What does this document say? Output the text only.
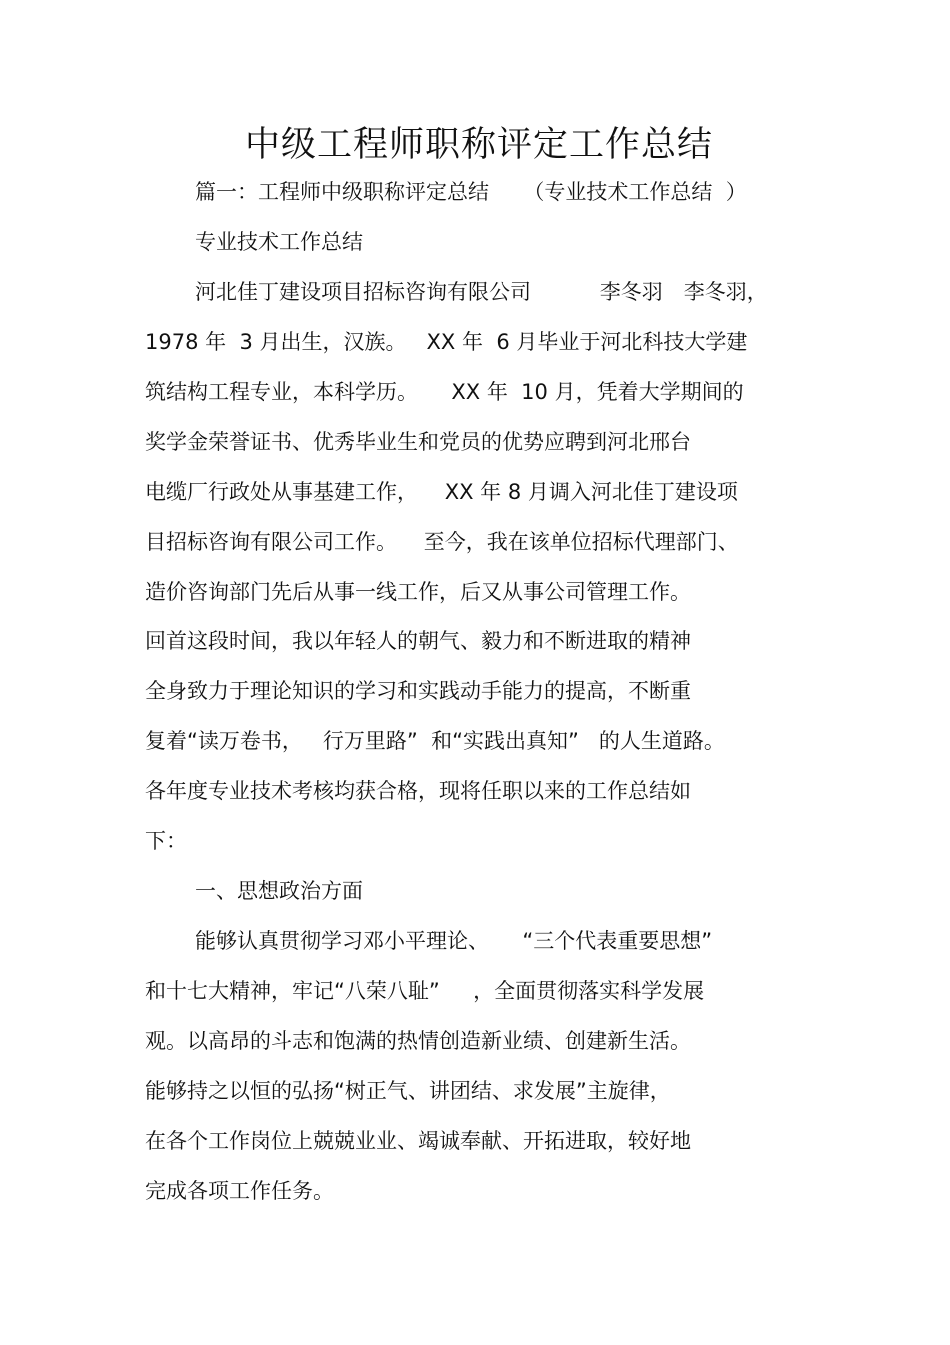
中级工程师职称评定工作总结
篇一：工程师中级职称评定总结　  （专业技术工作总结  ）
专业技术工作总结
河北佳丁建设项目招标咨询有限公司　　    李冬羽　李冬羽，
1978 年  3 月出生，汉族。   XX 年  6 月毕业于河北科技大学建
筑结构工程专业，本科学历。     XX 年  10 月，凭着大学期间的
奖学金荣誉证书、优秀毕业生和党员的优势应聘到河北邢台
电缆厂行政处从事基建工作，    XX 年 8 月调入河北佳丁建设项
目招标咨询有限公司工作。    至今，我在该单位招标代理部门、
造价咨询部门先后从事一线工作，后又从事公司管理工作。
回首这段时间，我以年轻人的朝气、毅力和不断进取的精神
全身致力于理论知识的学习和实践动手能力的提高，不断重
复着“读万卷书，   行万里路”  和“实践出真知”   的人生道路。
各年度专业技术考核均获合格，现将任职以来的工作总结如
下：
一、思想政治方面
能够认真贯彻学习邓小平理论、     “三个代表重要思想”
和十七大精神，牢记“八荣八耻”     ，全面贯彻落实科学发展
观。以高昂的斗志和饱满的热情创造新业绩、创建新生活。
能够持之以恒的弘扬“树正气、讲团结、求发展”主旋律，
在各个工作岗位上兢兢业业、竭诚奉献、开拓进取，较好地
完成各项工作任务。
